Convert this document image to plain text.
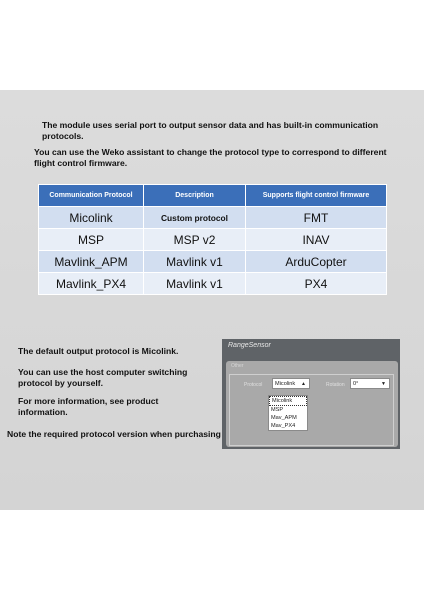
The module uses serial port to output sensor data and has built-in communication protocols.

You can use the Weko assistant to change the protocol type to correspond to different flight control firmware.

Communication Protocol	Description	Supports flight control firmware
Micolink	Custom protocol	FMT
MSP	MSP v2	INAV
Mavlink_APM	Mavlink v1	ArduCopter
Mavlink_PX4	Mavlink v1	PX4

The default output protocol is Micolink.

You can use the host computer switching protocol by yourself.

For more information, see product information.

Note the required protocol version when purchasing

RangeSensor
Other
Protocol	Micolink ▲	Rotation	0°	▼
Micolink
MSP
Mav_APM
Mav_PX4
